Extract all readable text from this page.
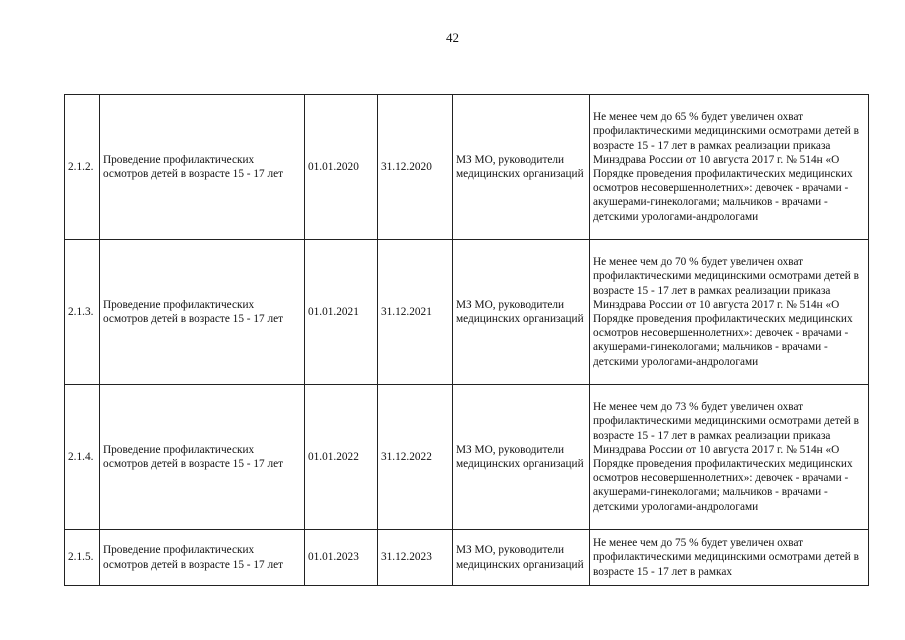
42
2.1.2.	Проведение профилактических осмотров детей в возрасте 15 - 17 лет	01.01.2020	31.12.2020	МЗ МО, руководители медицинских организаций	Не менее чем до 65 % будет увеличен охват профилактическими медицинскими осмотрами детей в возрасте 15 - 17 лет в рамках реализации приказа Минздрава России от 10 августа 2017 г. № 514н «О Порядке проведения профилактических медицинских осмотров несовершеннолетних»: девочек - врачами - акушерами-гинекологами; мальчиков - врачами - детскими урологами-андрологами
2.1.3.	Проведение профилактических осмотров детей в возрасте 15 - 17 лет	01.01.2021	31.12.2021	МЗ МО, руководители медицинских организаций	Не менее чем до 70 % будет увеличен охват профилактическими медицинскими осмотрами детей в возрасте 15 - 17 лет в рамках реализации приказа Минздрава России от 10 августа 2017 г. № 514н «О Порядке проведения профилактических медицинских осмотров несовершеннолетних»: девочек - врачами - акушерами-гинекологами; мальчиков - врачами - детскими урологами-андрологами
2.1.4.	Проведение профилактических осмотров детей в возрасте 15 - 17 лет	01.01.2022	31.12.2022	МЗ МО, руководители медицинских организаций	Не менее чем до 73 % будет увеличен охват профилактическими медицинскими осмотрами детей в возрасте 15 - 17 лет в рамках реализации приказа Минздрава России от 10 августа 2017 г. № 514н «О Порядке проведения профилактических медицинских осмотров несовершеннолетних»: девочек - врачами - акушерами-гинекологами; мальчиков - врачами - детскими урологами-андрологами
2.1.5.	Проведение профилактических осмотров детей в возрасте 15 - 17 лет	01.01.2023	31.12.2023	МЗ МО, руководители медицинских организаций	Не менее чем до 75 % будет увеличен охват профилактическими медицинскими осмотрами детей в возрасте 15 - 17 лет в рамках
